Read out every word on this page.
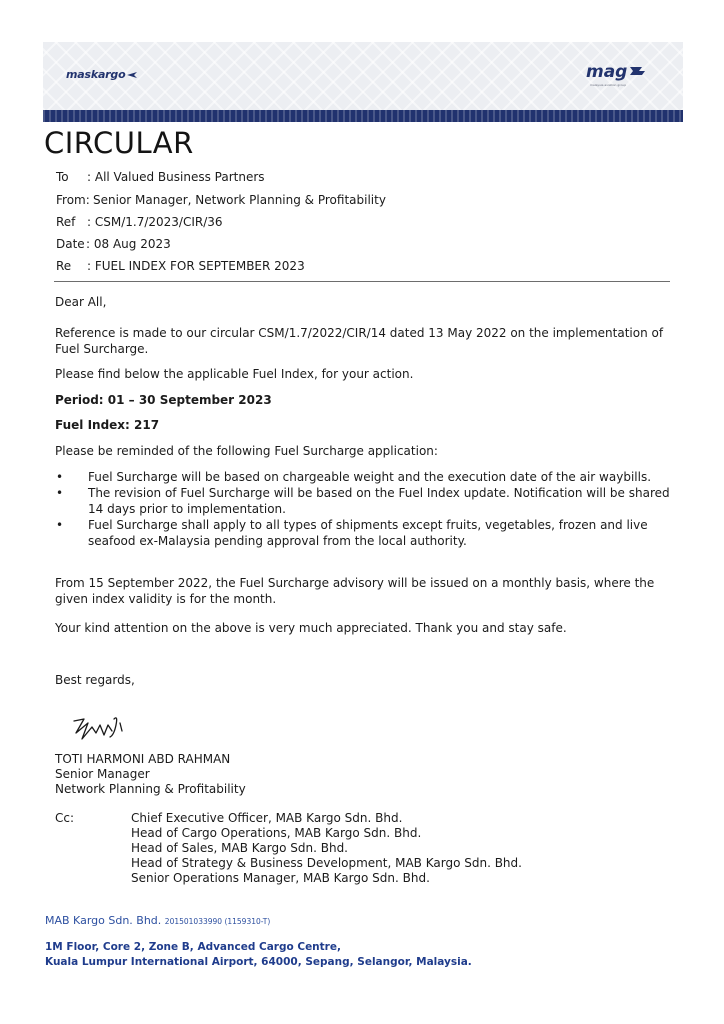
maskargo	mag
malaysia aviation group
CIRCULAR
To : All Valued Business Partners
From: Senior Manager, Network Planning & Profitability
Ref : CSM/1.7/2023/CIR/36
Date : 08 Aug 2023
Re : FUEL INDEX FOR SEPTEMBER 2023
Dear All,
Reference is made to our circular CSM/1.7/2022/CIR/14 dated 13 May 2022 on the implementation of Fuel Surcharge.
Please find below the applicable Fuel Index, for your action.
Period: 01 – 30 September 2023
Fuel Index: 217
Please be reminded of the following Fuel Surcharge application:
• Fuel Surcharge will be based on chargeable weight and the execution date of the air waybills.
• The revision of Fuel Surcharge will be based on the Fuel Index update. Notification will be shared 14 days prior to implementation.
• Fuel Surcharge shall apply to all types of shipments except fruits, vegetables, frozen and live seafood ex-Malaysia pending approval from the local authority.
From 15 September 2022, the Fuel Surcharge advisory will be issued on a monthly basis, where the given index validity is for the month.
Your kind attention on the above is very much appreciated. Thank you and stay safe.
Best regards,
TOTI HARMONI ABD RAHMAN
Senior Manager
Network Planning & Profitability
Cc:	Chief Executive Officer, MAB Kargo Sdn. Bhd.
Head of Cargo Operations, MAB Kargo Sdn. Bhd.
Head of Sales, MAB Kargo Sdn. Bhd.
Head of Strategy & Business Development, MAB Kargo Sdn. Bhd.
Senior Operations Manager, MAB Kargo Sdn. Bhd.
MAB Kargo Sdn. Bhd. 201501033990 (1159310-T)
1M Floor, Core 2, Zone B, Advanced Cargo Centre,
Kuala Lumpur International Airport, 64000, Sepang, Selangor, Malaysia.
